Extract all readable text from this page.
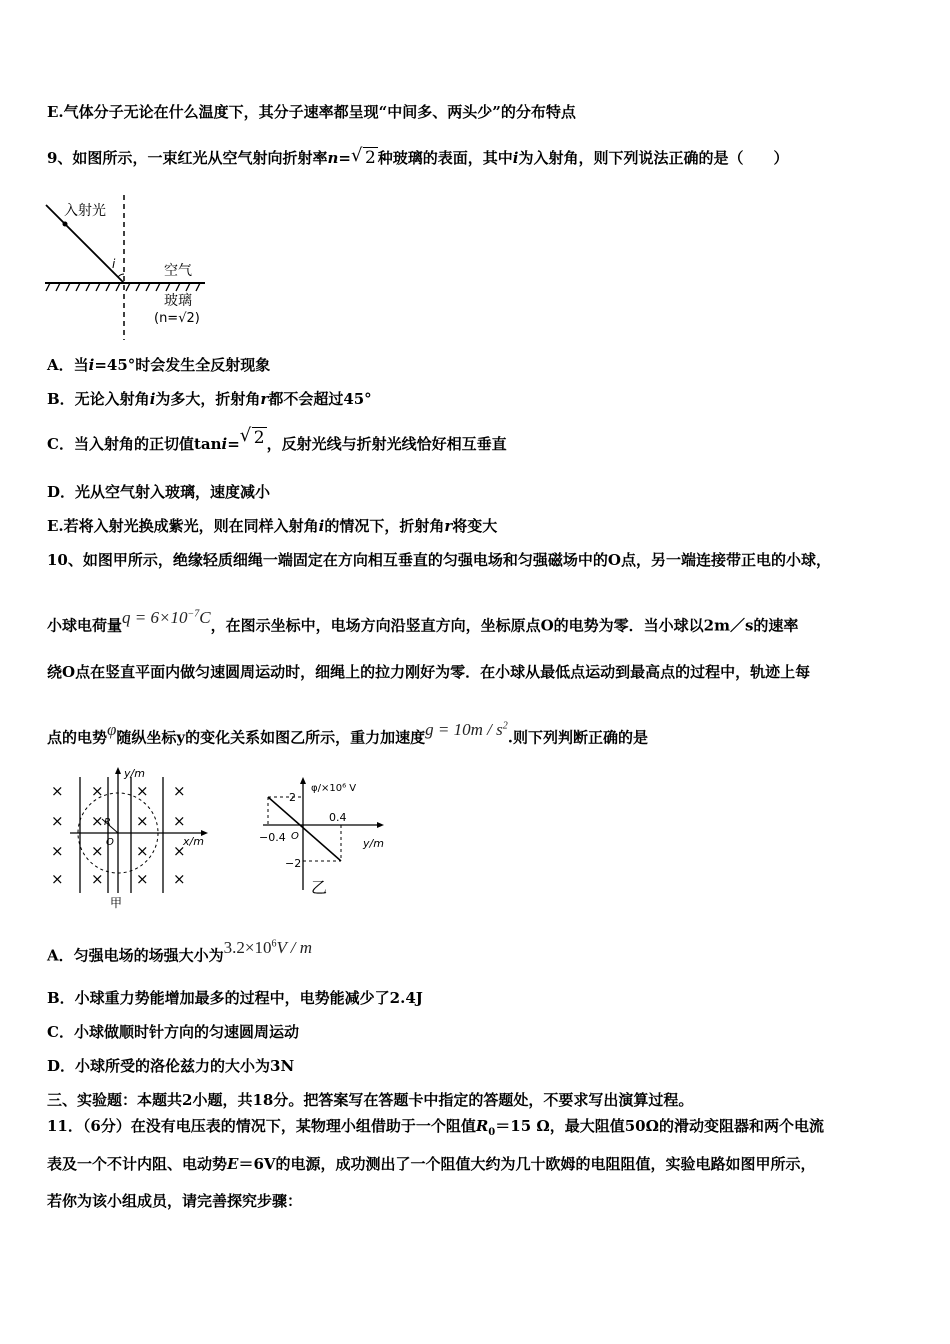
E.气体分子无论在什么温度下，其分子速率都呈现“中间多、两头少”的分布特点
9、如图所示，一束红光从空气射向折射率n= √ 2 种玻璃的表面，其中i为入射角，则下列说法正确的是（　　）
入射光
i	空气
玻璃
(n=√2)
A．当i=45°时会发生全反射现象
B．无论入射角i为多大，折射角r都不会超过45°
C．当入射角的正切值tani= √ 2 ，反射光线与折射光线恰好相互垂直
D．光从空气射入玻璃，速度减小
E.若将入射光换成紫光，则在同样入射角i的情况下，折射角r将变大
10、如图甲所示，绝缘轻质细绳一端固定在方向相互垂直的匀强电场和匀强磁场中的O点，另一端连接带正电的小球，
小球电荷量$q = 6\times 10^{-7}C$，在图示坐标中，电场方向沿竖直方向，坐标原点O的电势为零．当小球以2m／s的速率
绕O点在竖直平面内做匀速圆周运动时，细绳上的拉力刚好为零．在小球从最低点运动到最高点的过程中，轨迹上每
点的电势φ随纵坐标y的变化关系如图乙所示，重力加速度$g = 10m / s^2$.则下列判断正确的是
× × × ×
× × × ×
× × × ×
× × × ×
y/m
x/m
R
O
甲
φ/×10⁶ V
2
0.4
−0.4 O
−2
y/m
乙
A．匀强电场的场强大小为$3.2\times 10^6V / m$
B．小球重力势能增加最多的过程中，电势能减少了2.4J
C．小球做顺时针方向的匀速圆周运动
D．小球所受的洛伦兹力的大小为3N
三、实验题：本题共2小题，共18分。把答案写在答题卡中指定的答题处，不要求写出演算过程。
11．（6分）在没有电压表的情况下，某物理小组借助于一个阻值$R_0=15$ Ω，最大阻值50Ω的滑动变阻器和两个电流
表及一个不计内阻、电动势E＝6V的电源，成功测出了一个阻值大约为几十欧姆的电阻阻值，实验电路如图甲所示，
若你为该小组成员，请完善探究步骤：
